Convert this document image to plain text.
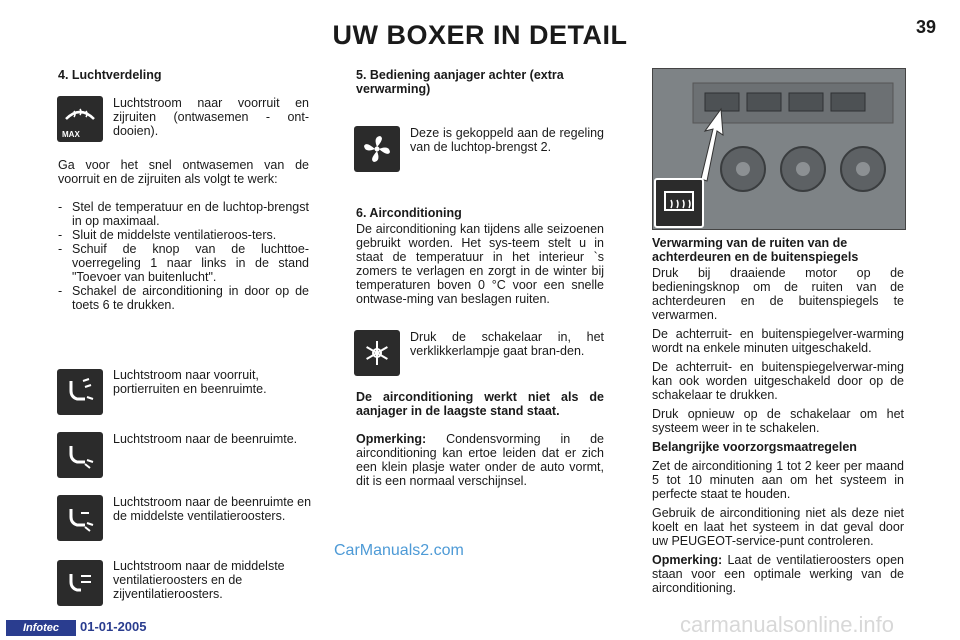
UW BOXER IN DETAIL	39
4. Luchtverdeling
MAX
Luchtstroom naar voorruit en zijruiten (ontwasemen - ont-dooien).
Ga voor het snel ontwasemen van de voorruit en de zijruiten als volgt te werk:
- Stel de temperatuur en de luchtop-brengst in op maximaal.
- Sluit de middelste ventilatieroos-ters.
- Schuif de knop van de luchttoe-voerregeling 1 naar links in de stand "Toevoer van buitenlucht".
- Schakel de airconditioning in door op de toets 6 te drukken.
Luchtstroom naar voorruit, portierruiten en beenruimte.
Luchtstroom naar de beenruimte.
Luchtstroom naar de beenruimte en de middelste ventilatieroosters.
Luchtstroom naar de middelste ventilatieroosters en de zijventilatieroosters.
5. Bediening aanjager achter (extra verwarming)
Deze is gekoppeld aan de regeling van de luchtop-brengst 2.
6. Airconditioning
De airconditioning kan tijdens alle seizoenen gebruikt worden. Het sys-teem stelt u in staat de temperatuur in het interieur `s zomers te verlagen en zorgt in de winter bij temperaturen boven 0 °C voor een snelle ontwase-ming van beslagen ruiten.
Druk de schakelaar in, het verklikkerlampje gaat bran-den.
De airconditioning werkt niet als de aanjager in de laagste stand staat.
Opmerking: Condensvorming in de airconditioning kan ertoe leiden dat er zich een klein plasje water onder de auto vormt, dit is een normaal verschijnsel.
Verwarming van de ruiten van de achterdeuren en de buitenspiegels

Druk bij draaiende motor op de bedieningsknop om de ruiten van de achterdeuren en de buitenspiegels te verwarmen.

De achterruit- en buitenspiegelver-warming wordt na enkele minuten uitgeschakeld.

De achterruit- en buitenspiegelverwar-ming kan ook worden uitgeschakeld door op de schakelaar te drukken.

Druk opnieuw op de schakelaar om het systeem weer in te schakelen.

Belangrijke voorzorgsmaatregelen

Zet de airconditioning 1 tot 2 keer per maand 5 tot 10 minuten aan om het systeem in perfecte staat te houden.

Gebruik de airconditioning niet als deze niet koelt en laat het systeem in dat geval door uw PEUGEOT-service-punt controleren.

Opmerking: Laat de ventilatieroosters open staan voor een optimale werking van de airconditioning.

CarManuals2.com
carmanualsonline.info
Infotec	01-01-2005
